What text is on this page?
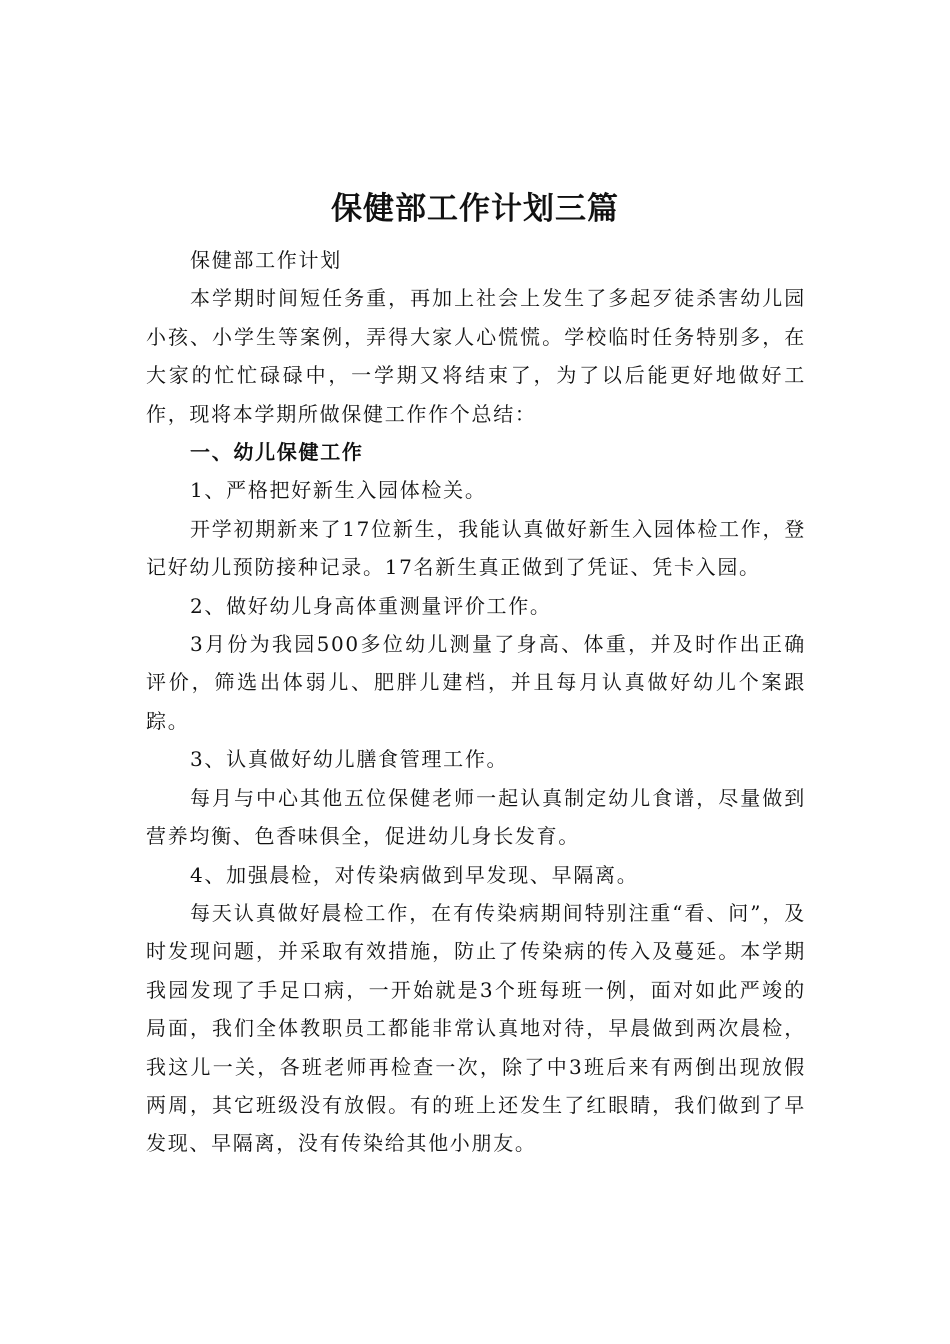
保健部工作计划三篇

保健部工作计划

本学期时间短任务重，再加上社会上发生了多起歹徒杀害幼儿园小孩、小学生等案例，弄得大家人心慌慌。学校临时任务特别多，在大家的忙忙碌碌中，一学期又将结束了，为了以后能更好地做好工作，现将本学期所做保健工作作个总结：

一、幼儿保健工作

1、严格把好新生入园体检关。

开学初期新来了17位新生，我能认真做好新生入园体检工作，登记好幼儿预防接种记录。17名新生真正做到了凭证、凭卡入园。

2、做好幼儿身高体重测量评价工作。

3月份为我园500多位幼儿测量了身高、体重，并及时作出正确评价，筛选出体弱儿、肥胖儿建档，并且每月认真做好幼儿个案跟踪。

3、认真做好幼儿膳食管理工作。

每月与中心其他五位保健老师一起认真制定幼儿食谱，尽量做到营养均衡、色香味俱全，促进幼儿身长发育。

4、加强晨检，对传染病做到早发现、早隔离。

每天认真做好晨检工作，在有传染病期间特别注重“看、问”，及时发现问题，并采取有效措施，防止了传染病的传入及蔓延。本学期我园发现了手足口病，一开始就是3个班每班一例，面对如此严竣的局面，我们全体教职员工都能非常认真地对待，早晨做到两次晨检，我这儿一关，各班老师再检查一次，除了中3班后来有两倒出现放假两周，其它班级没有放假。有的班上还发生了红眼睛，我们做到了早发现、早隔离，没有传染给其他小朋友。
